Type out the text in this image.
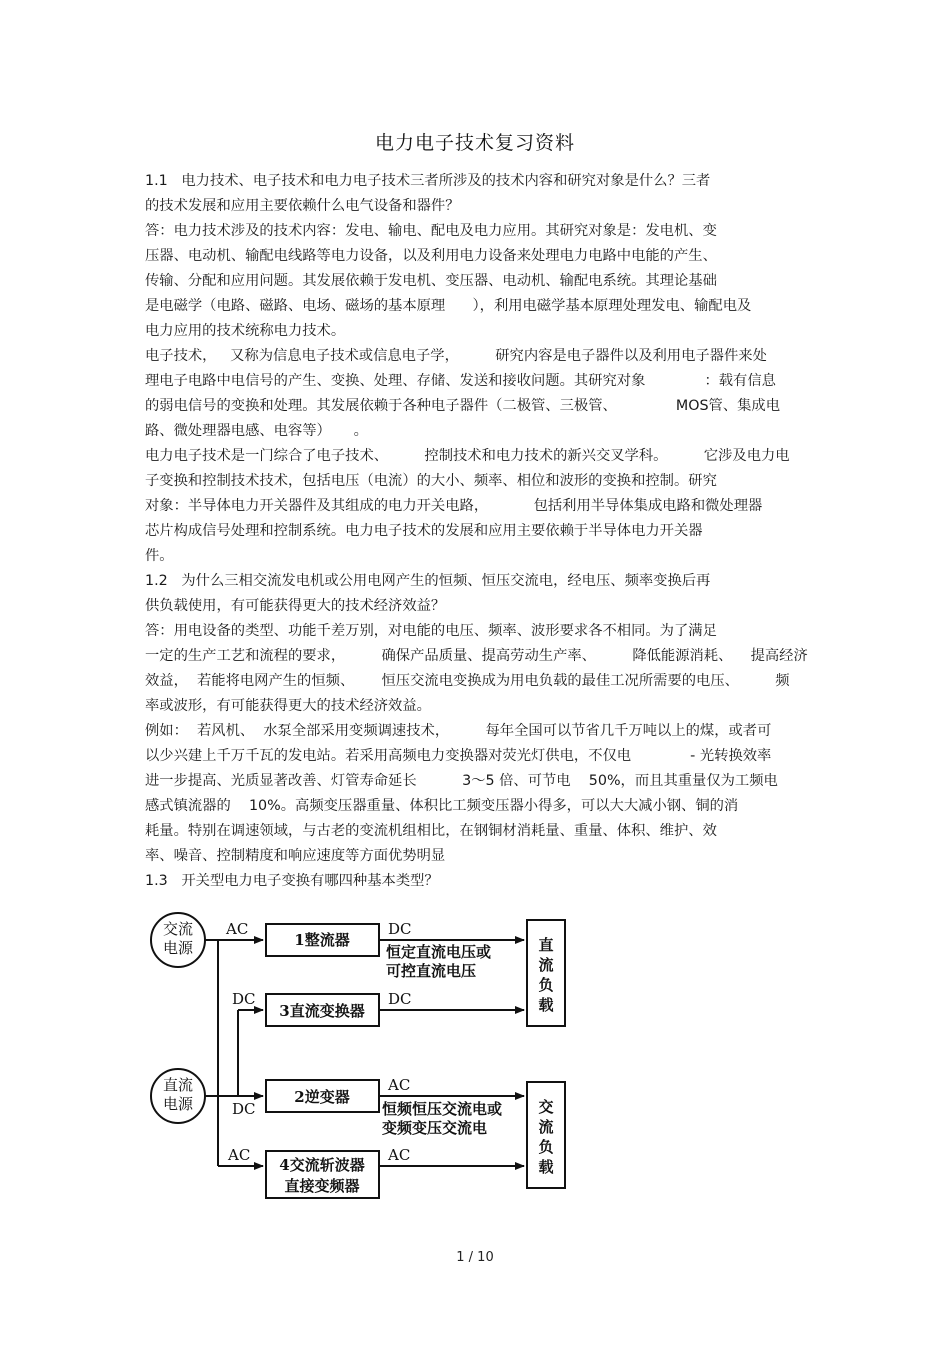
电力电子技术复习资料
1.1   电力技术、电子技术和电力电子技术三者所涉及的技术内容和研究对象是什么？三者
的技术发展和应用主要依赖什么电气设备和器件？
答：电力技术涉及的技术内容：发电、输电、配电及电力应用。其研究对象是：发电机、变
压器、电动机、输配电线路等电力设备，以及利用电力设备来处理电力电路中电能的产生、
传输、分配和应用问题。其发展依赖于发电机、变压器、电动机、输配电系统。其理论基础
是电磁学（电路、磁路、电场、磁场的基本原理      ），利用电磁学基本原理处理发电、输配电及
电力应用的技术统称电力技术。
电子技术，   又称为信息电子技术或信息电子学，        研究内容是电子器件以及利用电子器件来处
理电子电路中电信号的产生、变换、处理、存储、发送和接收问题。其研究对象             ：载有信息
的弱电信号的变换和处理。其发展依赖于各种电子器件（二极管、三极管、             MOS管、集成电
路、微处理器电感、电容等）     。
电力电子技术是一门综合了电子技术、        控制技术和电力技术的新兴交叉学科。        它涉及电力电
子变换和控制技术技术，包括电压（电流）的大小、频率、相位和波形的变换和控制。研究
对象：半导体电力开关器件及其组成的电力开关电路，          包括利用半导体集成电路和微处理器
芯片构成信号处理和控制系统。电力电子技术的发展和应用主要依赖于半导体电力开关器
件。
1.2   为什么三相交流发电机或公用电网产生的恒频、恒压交流电，经电压、频率变换后再
供负载使用，有可能获得更大的技术经济效益？
答：用电设备的类型、功能千差万别，对电能的电压、频率、波形要求各不相同。为了满足
一定的生产工艺和流程的要求，        确保产品质量、提高劳动生产率、        降低能源消耗、    提高经济
效益，  若能将电网产生的恒频、      恒压交流电变换成为用电负载的最佳工况所需要的电压、        频
率或波形，有可能获得更大的技术经济效益。
例如：  若风机、  水泵全部采用变频调速技术，        每年全国可以节省几千万吨以上的煤，或者可
以少兴建上千万千瓦的发电站。若采用高频电力变换器对荧光灯供电，不仅电             - 光转换效率
进一步提高、光质显著改善、灯管寿命延长          3～5 倍、可节电    50%，而且其重量仅为工频电
感式镇流器的    10%。高频变压器重量、体积比工频变压器小得多，可以大大减小钢、铜的消
耗量。特别在调速领域，与古老的变流机组相比，在钢铜材消耗量、重量、体积、维护、效
率、噪音、控制精度和响应速度等方面优势明显
1.3   开关型电力电子变换有哪四种基本类型？
交流
电源
直流
电源
1整流器
3直流变换器
2逆变器
4交流斩波器
直接变频器
直
流
负
载
交
流
负
载
AC
DC
DC
AC
DC
DC
AC
AC
恒定直流电压或
可控直流电压
恒频恒压交流电或
变频变压交流电
1 / 10
